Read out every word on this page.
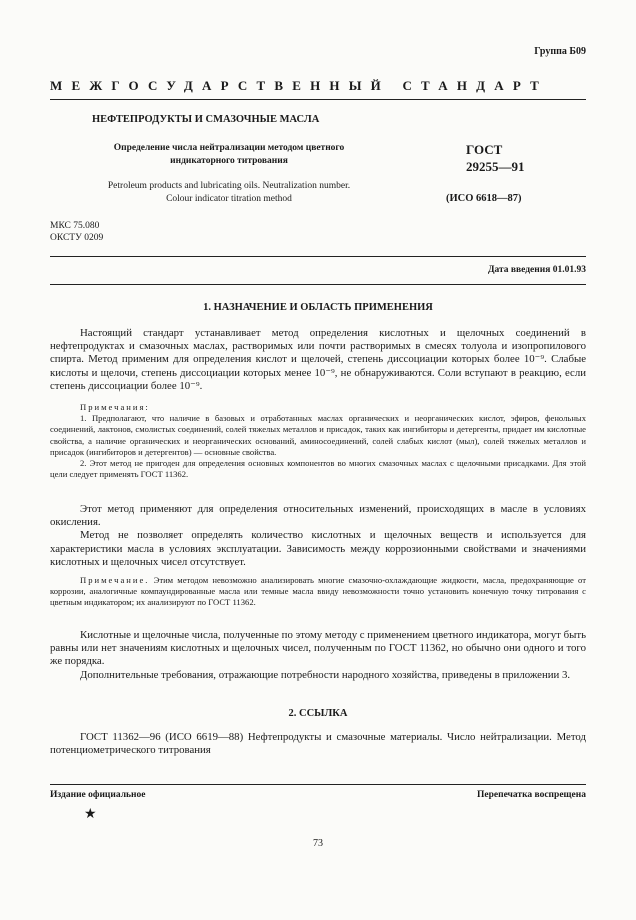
Группа Б09
МЕЖГОСУДАРСТВЕННЫЙ СТАНДАРТ
НЕФТЕПРОДУКТЫ И СМАЗОЧНЫЕ МАСЛА
Определение числа нейтрализации методом цветного индикаторного титрования
ГОСТ
29255—91
Petroleum products and lubricating oils. Neutralization number. Colour indicator titration method	(ИСО 6618—87)
МКС 75.080
ОКСТУ 0209
Дата введения 01.01.93
1. НАЗНАЧЕНИЕ И ОБЛАСТЬ ПРИМЕНЕНИЯ

Настоящий стандарт устанавливает метод определения кислотных и щелочных соединений в нефтепродуктах и смазочных маслах, растворимых или почти растворимых в смесях толуола и изопропилового спирта. Метод применим для определения кислот и щелочей, степень диссоциации которых более 10⁻⁹. Слабые кислоты и щелочи, степень диссоциации которых менее 10⁻⁹, не обнаруживаются. Соли вступают в реакцию, если степень диссоциации более 10⁻⁹.

Примечания:

1. Предполагают, что наличие в базовых и отработанных маслах органических и неорганических кислот, эфиров, фенольных соединений, лактонов, смолистых соединений, солей тяжелых металлов и присадок, таких как ингибиторы и детергенты, придает им кислотные свойства, а наличие органических и неорганических оснований, аминосоединений, солей слабых кислот (мыл), солей тяжелых металлов и присадок (ингибиторов и детергентов) — основные свойства.

2. Этот метод не пригоден для определения основных компонентов во многих смазочных маслах с щелочными присадками. Для этой цели следует применять ГОСТ 11362.

Этот метод применяют для определения относительных изменений, происходящих в масле в условиях окисления.

Метод не позволяет определять количество кислотных и щелочных веществ и используется для характеристики масла в условиях эксплуатации. Зависимость между коррозионными свойствами и значениями кислотных и щелочных чисел отсутствует.

Примечание. Этим методом невозможно анализировать многие смазочно-охлаждающие жидкости, масла, предохраняющие от коррозии, аналогичные компаундированные масла или темные масла ввиду невозможности точно установить конечную точку титрования с цветным индикатором; их анализируют по ГОСТ 11362.

Кислотные и щелочные числа, полученные по этому методу с применением цветного индикатора, могут быть равны или нет значениям кислотных и щелочных чисел, полученным по ГОСТ 11362, но обычно они одного и того же порядка.

Дополнительные требования, отражающие потребности народного хозяйства, приведены в приложении 3.

2. ССЫЛКА

ГОСТ 11362—96 (ИСО 6619—88) Нефтепродукты и смазочные материалы. Число нейтрализации. Метод потенциометрического титрования

Издание официальное	Перепечатка воспрещена
★
73
